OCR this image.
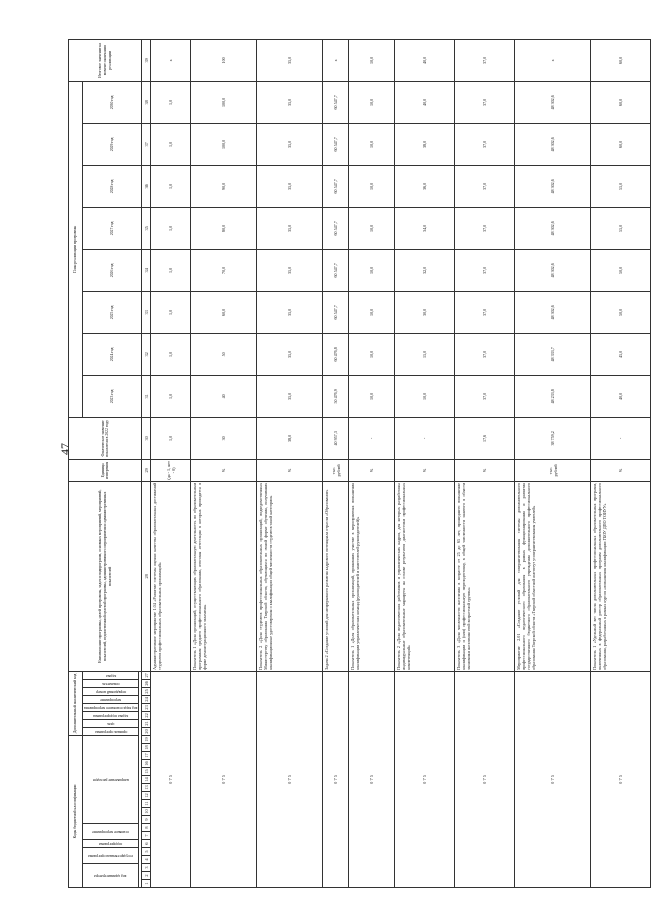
47
Коды бюджетной классификации																			Дополнительный аналитический код								Наименование программы, целей программы, задач и подпрограмм, основных мероприятий, мероприятий, показателей, ведомственной целевой программы, административного мероприятия и административных показателей	Единица измерения	Фактическое значение показателя в 2022 году	План реализации программы								Итоговое значение на момент окончания реализации

код администратора			государственная программа		подпрограмма	основное мероприятие		направление расходов											признак программы	цель	задача подпрограммы	код вида основного мероприятия	мероприятие	порядковый номер	показатель	задача				2023 год	2024 год	2025 год	2026 год	2027 год	2028 год	2029 год	2030 год	

1	2	3	4	5	6	7	8	9	10	11	12	13	14	15	16	17	18	19	20	21	22	23	24	25	26	27	28	29	30	31	32	33	34	35	36	37	38	39
0 7 5																											Административное мероприятие 1.04 «Развитие системы оценки качества образовательных достижений студентов профессиональных образовательных организаций»	(да - 1, нет - 0)	1,0	1,0	1,0	1,0	1,0	1,0	1,0	1,0	1,0	x
0 7 5																											Показатель 1 «Доля организаций, осуществляющих образовательную деятельность по образовательным программам среднего профессионального образования, итоговая аттестация в которых проводится в форме демонстрационного экзамена»	%	30	40	50	60,0	70,0	80,0	90,0	100,0	100,0	100
0 7 5																											Показатель 2 «Доля студентов профессиональных образовательных организаций, подведомственных Министерству образования Тверской области, обучающихся по очной форме обучения, получивших квалификационные удостоверения о квалификации общей численности студентов такой категории»	%	38,0	35,0	35,0	35,0	35,0	35,0	35,0	35,0	35,0	35,0
0 7 5																											Задача 2 «Создание условий для непрерывного развития кадрового потенциала отрасли «Образование»	тыс. рублей	40 957,3	50 476,9	60 476,8	60 547,7	60 547,7	60 547,7	60 547,7	60 547,7	60 547,7	x
0 7 5																											Показатель 1 «Доля образовательных организаций, принявших участие в мероприятиях повышения квалификации управленческих команд (руководителей и заместителей руководителей)»	%	-	10,0	10,0	10,0	10,0	10,0	10,0	10,0	10,0	10,0
0 7 5																											Показатель 2 «Доля педагогических работников и управленческих кадров, для которых разработаны индивидуальные образовательные маршруты на основе результатов диагностики профессиональных компетенций»	%	-	10,0	15,0	30,0	32,0	34,0	36,0	38,0	40,0	40,0
0 7 5																											Показатель 3 «Доля численности населения в возрасте от 25 до 65 лет, прошедшего повышение квалификации и (или) профессиональную переподготовку, в общей численности занятого в области экономики населения этой возрастной группы»	%	17,6	37,0	37,0	37,0	37,0	37,0	37,0	37,0	37,0	37,0
0 7 5																											Мероприятие 2.01 «Создание условий для совершенствования системы дополнительного профессионального педагогического образования в рамках функционирования и развития государственного бюджетного образовательного учреждения дополнительного профессионального образования Тверской области «Тверской областной институт усовершенствования учителей»	тыс. рублей	38 759,2	48 233,8	48 333,7	48 302,6	48 302,6	48 302,6	48 302,6	48 302,6	48 302,6	x
0 7 5																											Показатель 1 «Удельный вес числа дополнительных профессиональных образовательных программ, включенных в федеральный реестр образовательных программ дополнительного профессионального образования, разработанных в рамках курсов «повышения квалификации ГБОУ ДПО ТОИУУ»	%	-	40,0	45,0	50,0	50,0	55,0	55,0	60,0	60,0	60,0
